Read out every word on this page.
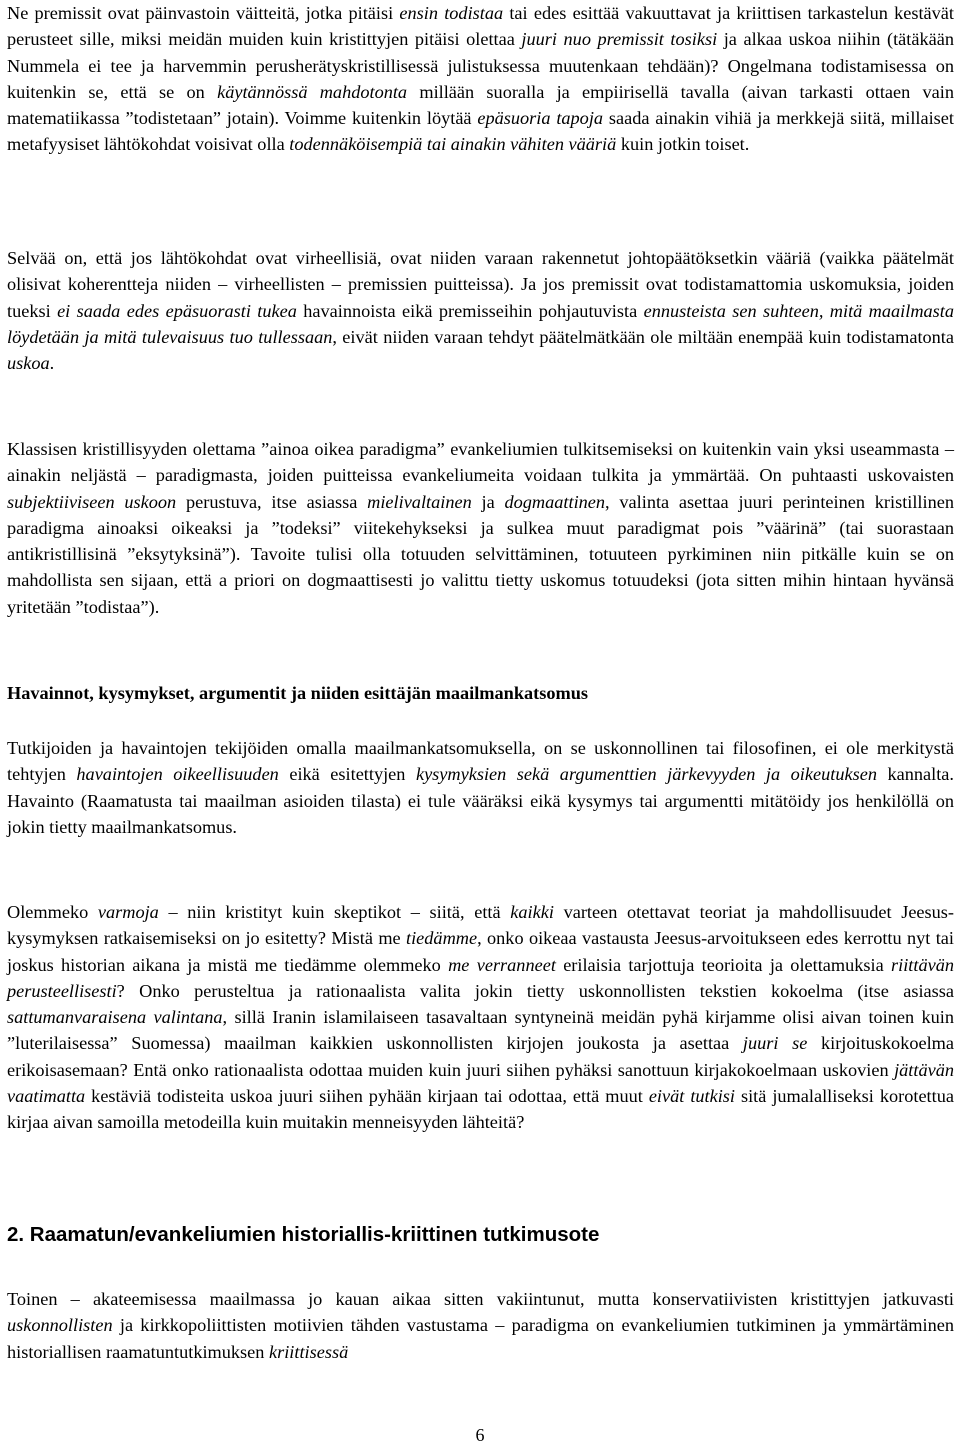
Ne premissit ovat päinvastoin väitteitä, jotka pitäisi ensin todistaa tai edes esittää vakuuttavat ja kriittisen tarkastelun kestävät perusteet sille, miksi meidän muiden kuin kristittyjen pitäisi olettaa juuri nuo premissit tosiksi ja alkaa uskoa niihin (tätäkään Nummela ei tee ja harvemmin perusherätyskristillisessä julistuksessa muutenkaan tehdään)? Ongelmana todistamisessa on kuitenkin se, että se on käytännössä mahdotonta millään suoralla ja empiirisellä tavalla (aivan tarkasti ottaen vain matematiikassa ”todistetaan” jotain). Voimme kuitenkin löytää epäsuoria tapoja saada ainakin vihiä ja merkkejä siitä, millaiset metafyysiset lähtökohdat voisivat olla todennäköisempiä tai ainakin vähiten vääriä kuin jotkin toiset.

Selvää on, että jos lähtökohdat ovat virheellisiä, ovat niiden varaan rakennetut johtopäätöksetkin vääriä (vaikka päätelmät olisivat koherentteja niiden – virheellisten – premissien puitteissa). Ja jos premissit ovat todistamattomia uskomuksia, joiden tueksi ei saada edes epäsuorasti tukea havainnoista eikä premisseihin pohjautuvista ennusteista sen suhteen, mitä maailmasta löydetään ja mitä tulevaisuus tuo tullessaan, eivät niiden varaan tehdyt päätelmätkään ole miltään enempää kuin todistamatonta uskoa.

Klassisen kristillisyyden olettama ”ainoa oikea paradigma” evankeliumien tulkitsemiseksi on kuitenkin vain yksi useammasta – ainakin neljästä – paradigmasta, joiden puitteissa evankeliumeita voidaan tulkita ja ymmärtää. On puhtaasti uskovaisten subjektiiviseen uskoon perustuva, itse asiassa mielivaltainen ja dogmaattinen, valinta asettaa juuri perinteinen kristillinen paradigma ainoaksi oikeaksi ja ”todeksi” viitekehykseksi ja sulkea muut paradigmat pois ”väärinä” (tai suorastaan antikristillisinä ”eksytyksinä”). Tavoite tulisi olla totuuden selvittäminen, totuuteen pyrkiminen niin pitkälle kuin se on mahdollista sen sijaan, että a priori on dogmaattisesti jo valittu tietty uskomus totuudeksi (jota sitten mihin hintaan hyvänsä yritetään ”todistaa”).

Havainnot, kysymykset, argumentit ja niiden esittäjän maailmankatsomus

Tutkijoiden ja havaintojen tekijöiden omalla maailmankatsomuksella, on se uskonnollinen tai filosofinen, ei ole merkitystä tehtyjen havaintojen oikeellisuuden eikä esitettyjen kysymyksien sekä argumenttien järkevyyden ja oikeutuksen kannalta. Havainto (Raamatusta tai maailman asioiden tilasta) ei tule vääräksi eikä kysymys tai argumentti mitätöidy jos henkilöllä on jokin tietty maailmankatsomus.

Olemmeko varmoja – niin kristityt kuin skeptikot – siitä, että kaikki varteen otettavat teoriat ja mahdollisuudet Jeesus-kysymyksen ratkaisemiseksi on jo esitetty? Mistä me tiedämme, onko oikeaa vastausta Jeesus-arvoitukseen edes kerrottu nyt tai joskus historian aikana ja mistä me tiedämme olemmeko me verranneet erilaisia tarjottuja teorioita ja olettamuksia riittävän perusteellisesti? Onko perusteltua ja rationaalista valita jokin tietty uskonnollisten tekstien kokoelma (itse asiassa sattumanvaraisena valintana, sillä Iranin islamilaiseen tasavaltaan syntyneinä meidän pyhä kirjamme olisi aivan toinen kuin ”luterilaisessa” Suomessa) maailman kaikkien uskonnollisten kirjojen joukosta ja asettaa juuri se kirjoituskokoelma erikoisasemaan? Entä onko rationaalista odottaa muiden kuin juuri siihen pyhäksi sanottuun kirjakokoelmaan uskovien jättävän vaatimatta kestäviä todisteita uskoa juuri siihen pyhään kirjaan tai odottaa, että muut eivät tutkisi sitä jumalalliseksi korotettua kirjaa aivan samoilla metodeilla kuin muitakin menneisyyden lähteitä?

2. Raamatun/evankeliumien historiallis-kriittinen tutkimusote

Toinen – akateemisessa maailmassa jo kauan aikaa sitten vakiintunut, mutta konservatiivisten kristittyjen jatkuvasti uskonnollisten ja kirkkopoliittisten motiivien tähden vastustama – paradigma on evankeliumien tutkiminen ja ymmärtäminen historiallisen raamatuntutkimuksen kriittisessä

6
